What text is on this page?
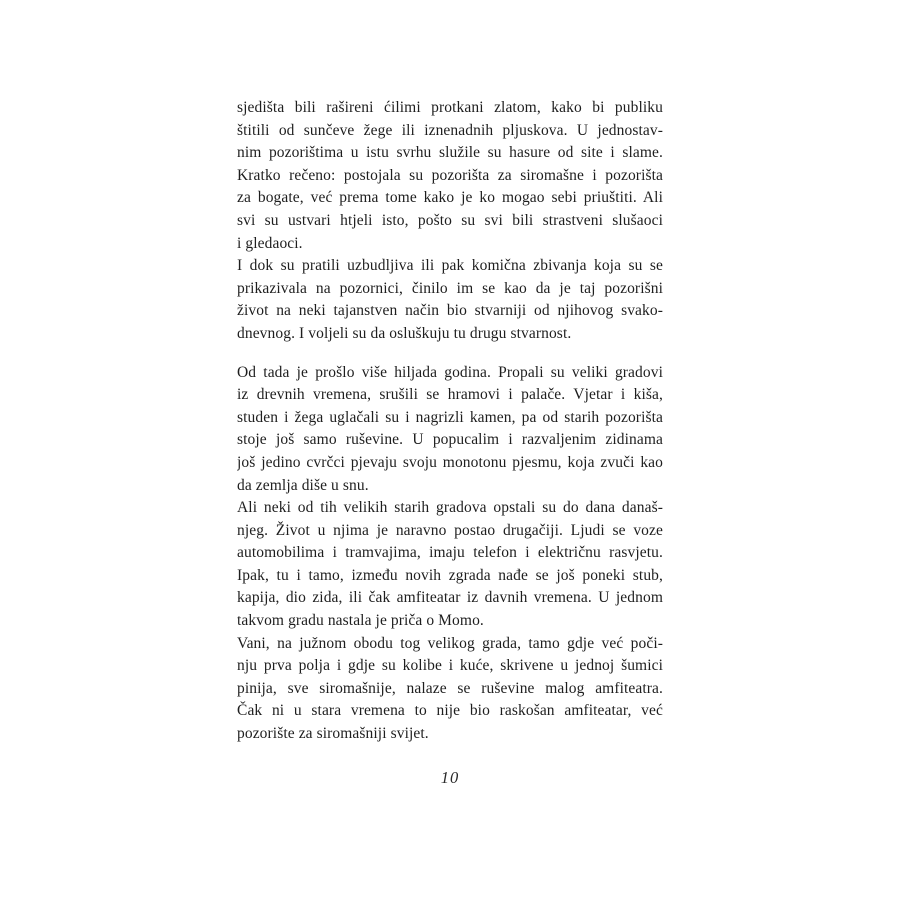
sjedišta bili rašireni ćilimi protkani zlatom, kako bi publiku
štitili od sunčeve žege ili iznenadnih pljuskova. U jednostav-
nim pozorištima u istu svrhu služile su hasure od site i slame.
Kratko rečeno: postojala su pozorišta za siromašne i pozorišta
za bogate, već prema tome kako je ko mogao sebi priuštiti. Ali
svi su ustvari htjeli isto, pošto su svi bili strastveni slušaoci
i gledaoci.
I dok su pratili uzbudljiva ili pak komična zbivanja koja su se
prikazivala na pozornici, činilo im se kao da je taj pozorišni
život na neki tajanstven način bio stvarniji od njihovog svako-
dnevnog. I voljeli su da osluškuju tu drugu stvarnost.
Od tada je prošlo više hiljada godina. Propali su veliki gradovi
iz drevnih vremena, srušili se hramovi i palače. Vjetar i kiša,
studen i žega uglačali su i nagrizli kamen, pa od starih pozorišta
stoje još samo ruševine. U popucalim i razvaljenim zidinama
još jedino cvrčci pjevaju svoju monotonu pjesmu, koja zvuči kao
da zemlja diše u snu.
Ali neki od tih velikih starih gradova opstali su do dana današ-
njeg. Život u njima je naravno postao drugačiji. Ljudi se voze
automobilima i tramvajima, imaju telefon i električnu rasvjetu.
Ipak, tu i tamo, između novih zgrada nađe se još poneki stub,
kapija, dio zida, ili čak amfiteatar iz davnih vremena. U jednom
takvom gradu nastala je priča o Momo.
Vani, na južnom obodu tog velikog grada, tamo gdje već poči-
nju prva polja i gdje su kolibe i kuće, skrivene u jednoj šumici
pinija, sve siromašnije, nalaze se ruševine malog amfiteatra.
Čak ni u stara vremena to nije bio raskošan amfiteatar, već
pozorište za siromašniji svijet.
10
